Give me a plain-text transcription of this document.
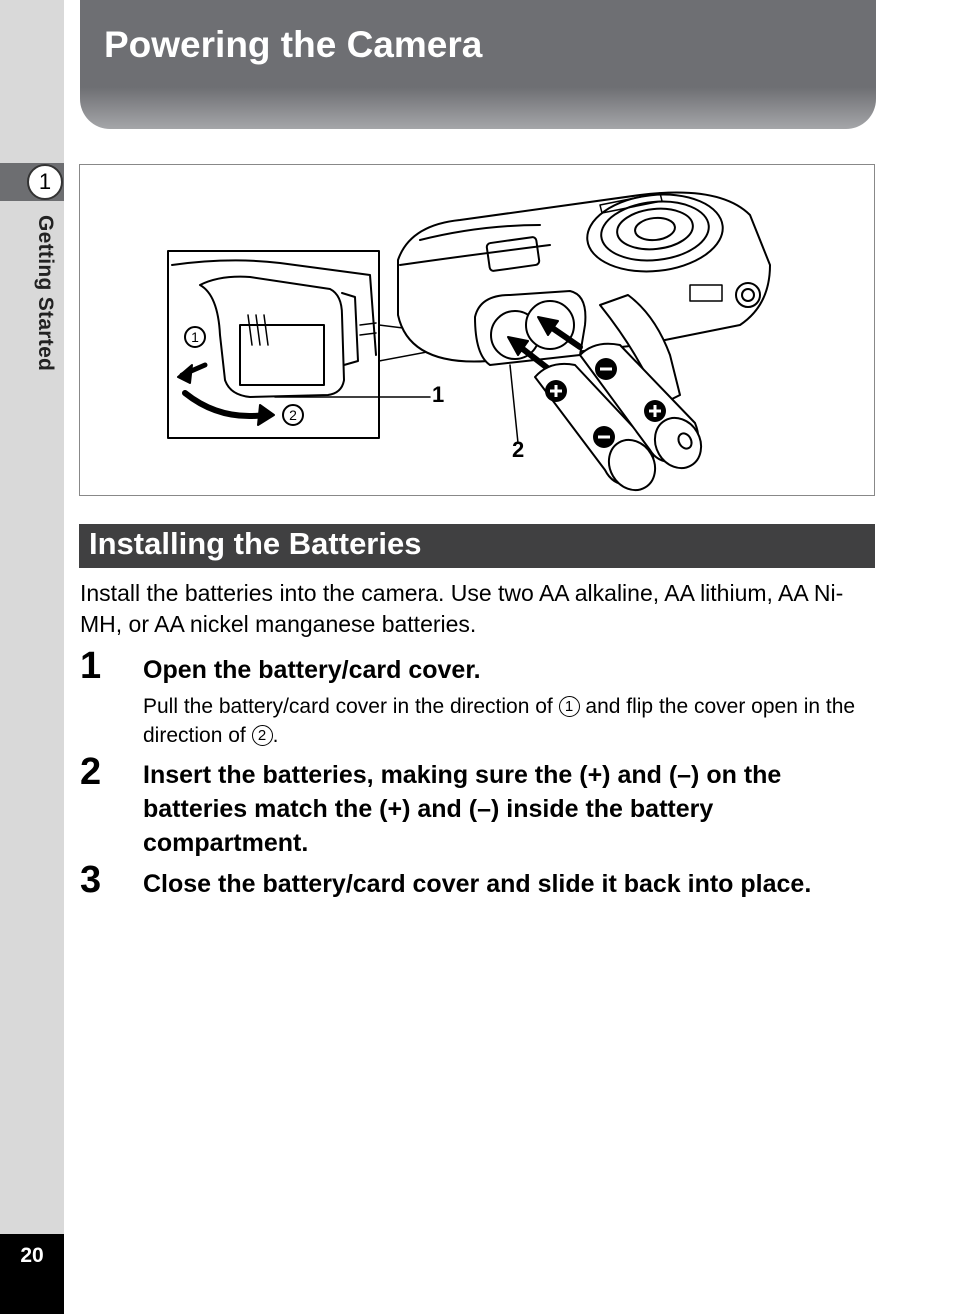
1
Getting Started
20
Powering the Camera
1
2
1
2
Installing the Batteries
Install the batteries into the camera. Use two AA alkaline, AA lithium, AA Ni-MH, or AA nickel manganese batteries.
1 Open the battery/card cover.
Pull the battery/card cover in the direction of 1 and flip the cover open in the direction of 2 .
2 Insert the batteries, making sure the (+) and (–) on the batteries match the (+) and (–) inside the battery compartment.
3 Close the battery/card cover and slide it back into place.
